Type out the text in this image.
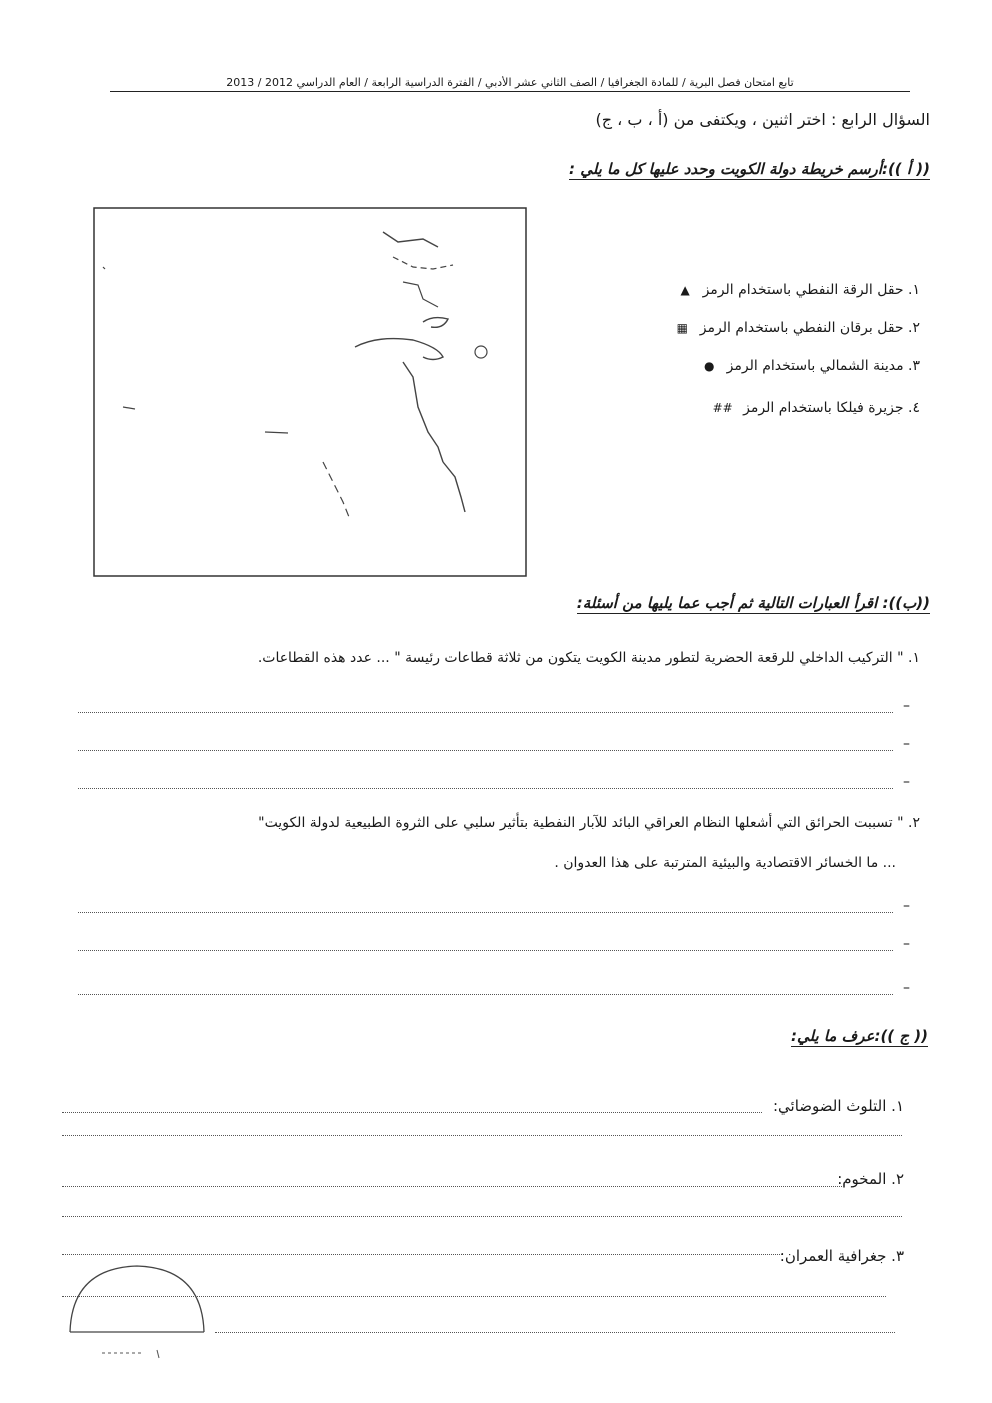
تابع امتحان فصل البرية / للمادة الجغرافيا / الصف الثاني عشر الأدبي / الفترة الدراسية الرابعة / العام الدراسي 2012 / 2013
السؤال الرابع : اختر اثنين ، ويكتفى من (أ ، ب ، ج)
(( أ )):أرسم خريطة دولة الكويت وحدد عليها كل ما يلي :
١. حقل الرقة النفطي باستخدام الرمز ▲
٢. حقل برقان النفطي باستخدام الرمز ▦
٣. مدينة الشمالي باستخدام الرمز ●
٤. جزيرة فيلكا باستخدام الرمز ##
((ب)): اقرأ العبارات التالية ثم أجب عما يليها من أسئلة:
١. " التركيب الداخلي للرقعة الحضرية لتطور مدينة الكويت يتكون من ثلاثة قطاعات رئيسة " ... عدد هذه القطاعات.
–
–
–
٢. " تسببت الحرائق التي أشعلها النظام العراقي البائد للآبار النفطية بتأثير سلبي على الثروة الطبيعية لدولة الكويت"
... ما الخسائر الاقتصادية والبيئية المترتبة على هذا العدوان .
–
–
–
(( ج )):عرف ما يلي:
١. التلوث الضوضائي:
٢. المخوم:
٣. جغرافية العمران:
